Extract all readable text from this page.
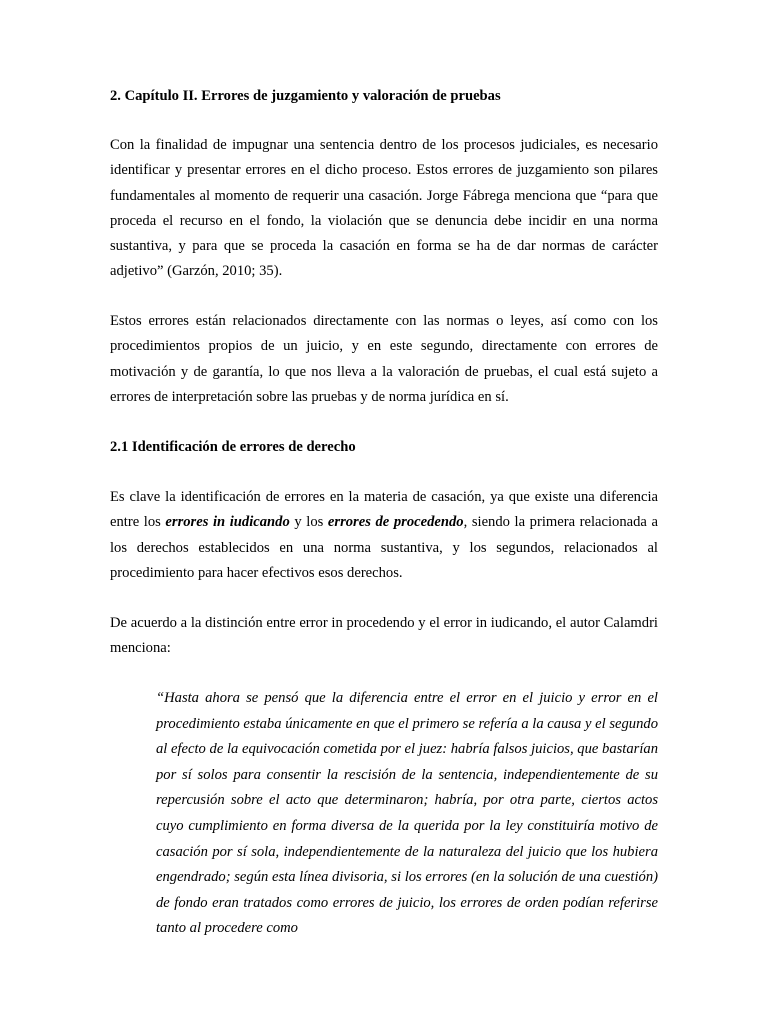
2. Capítulo II. Errores de juzgamiento y valoración de pruebas

Con la finalidad de impugnar una sentencia dentro de los procesos judiciales, es necesario identificar y presentar errores en el dicho proceso. Estos errores de juzgamiento son pilares fundamentales al momento de requerir una casación. Jorge Fábrega menciona que “para que proceda el recurso en el fondo, la violación que se denuncia debe incidir en una norma sustantiva, y para que se proceda la casación en forma se ha de dar normas de carácter adjetivo” (Garzón, 2010; 35).

Estos errores están relacionados directamente con las normas o leyes, así como con los procedimientos propios de un juicio, y en este segundo, directamente con errores de motivación y de garantía, lo que nos lleva a la valoración de pruebas, el cual está sujeto a errores de interpretación sobre las pruebas y de norma jurídica en sí.

2.1 Identificación de errores de derecho

Es clave la identificación de errores en la materia de casación, ya que existe una diferencia entre los errores in iudicando y los errores de procedendo, siendo la primera relacionada a los derechos establecidos en una norma sustantiva, y los segundos, relacionados al procedimiento para hacer efectivos esos derechos.

De acuerdo a la distinción entre error in procedendo y el error in iudicando, el autor Calamdri menciona:

“Hasta ahora se pensó que la diferencia entre el error en el juicio y error en el procedimiento estaba únicamente en que el primero se refería a la causa y el segundo al efecto de la equivocación cometida por el juez: habría falsos juicios, que bastarían por sí solos para consentir la rescisión de la sentencia, independientemente de su repercusión sobre el acto que determinaron; habría, por otra parte, ciertos actos cuyo cumplimiento en forma diversa de la querida por la ley constituiría motivo de casación por sí sola, independientemente de la naturaleza del juicio que los hubiera engendrado; según esta línea divisoria, si los errores (en la solución de una cuestión) de fondo eran tratados como errores de juicio, los errores de orden podían referirse tanto al procedere como
